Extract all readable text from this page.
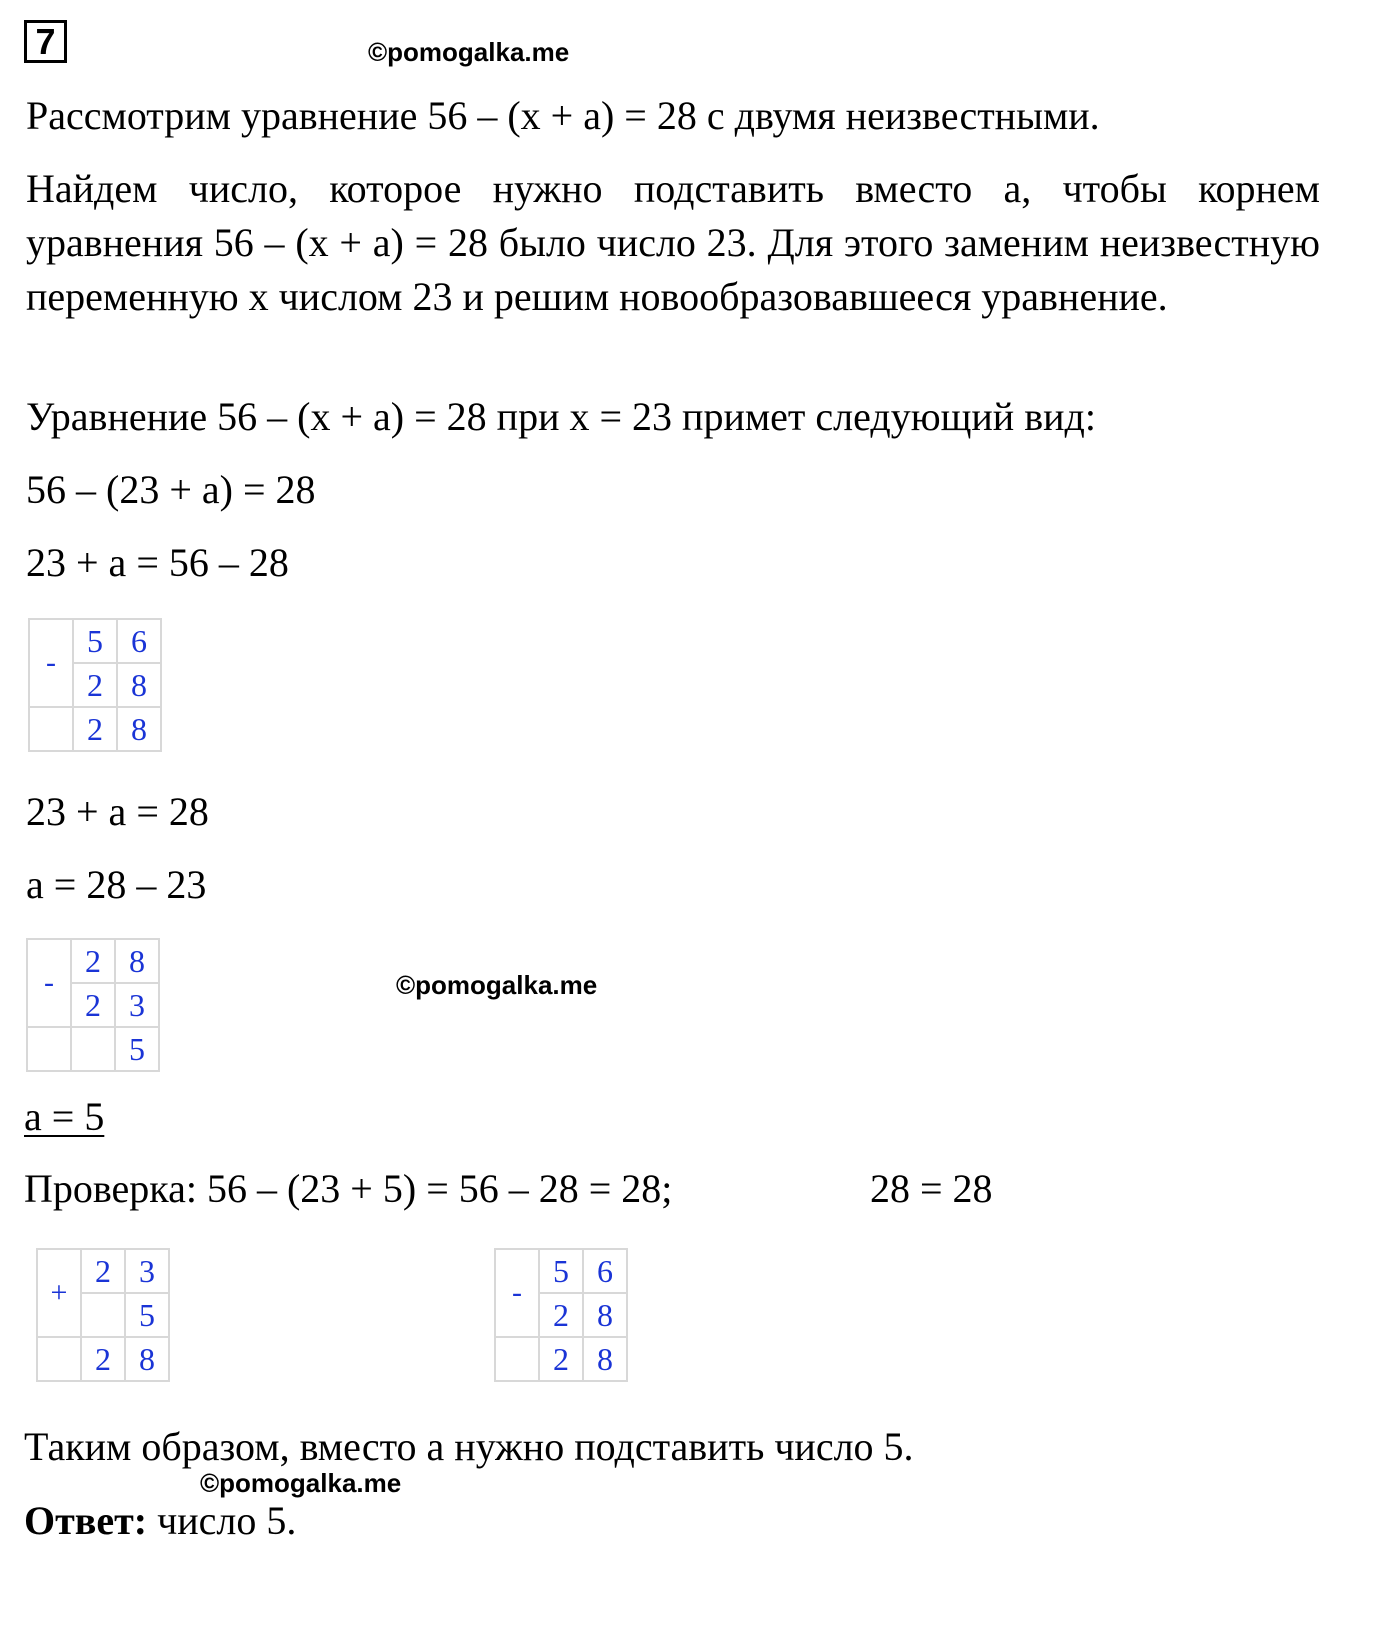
7	©pomogalka.me
Рассмотрим уравнение 56 – (х + а) = 28 с двумя неизвестными.
Найдем число, которое нужно подставить вместо а, чтобы корнем уравнения 56 – (х + а) = 28 было число 23. Для этого заменим неизвестную переменную х числом 23 и решим новообразовавшееся уравнение.
Уравнение 56 – (х + а) = 28 при х = 23 примет следующий вид:
56 – (23 + а) = 28
23 + а = 56 – 28
-	5	6
	2	8
	2	8
23 + а = 28
а = 28 – 23
-	2	8
	2	3
		5
©pomogalka.me
а = 5
Проверка: 56 – (23 + 5) = 56 – 28 = 28;	28 = 28
+	2	3
		5
	2	8
-	5	6
	2	8
	2	8
Таким образом, вместо а нужно подставить число 5.
©pomogalka.me
Ответ: число 5.
